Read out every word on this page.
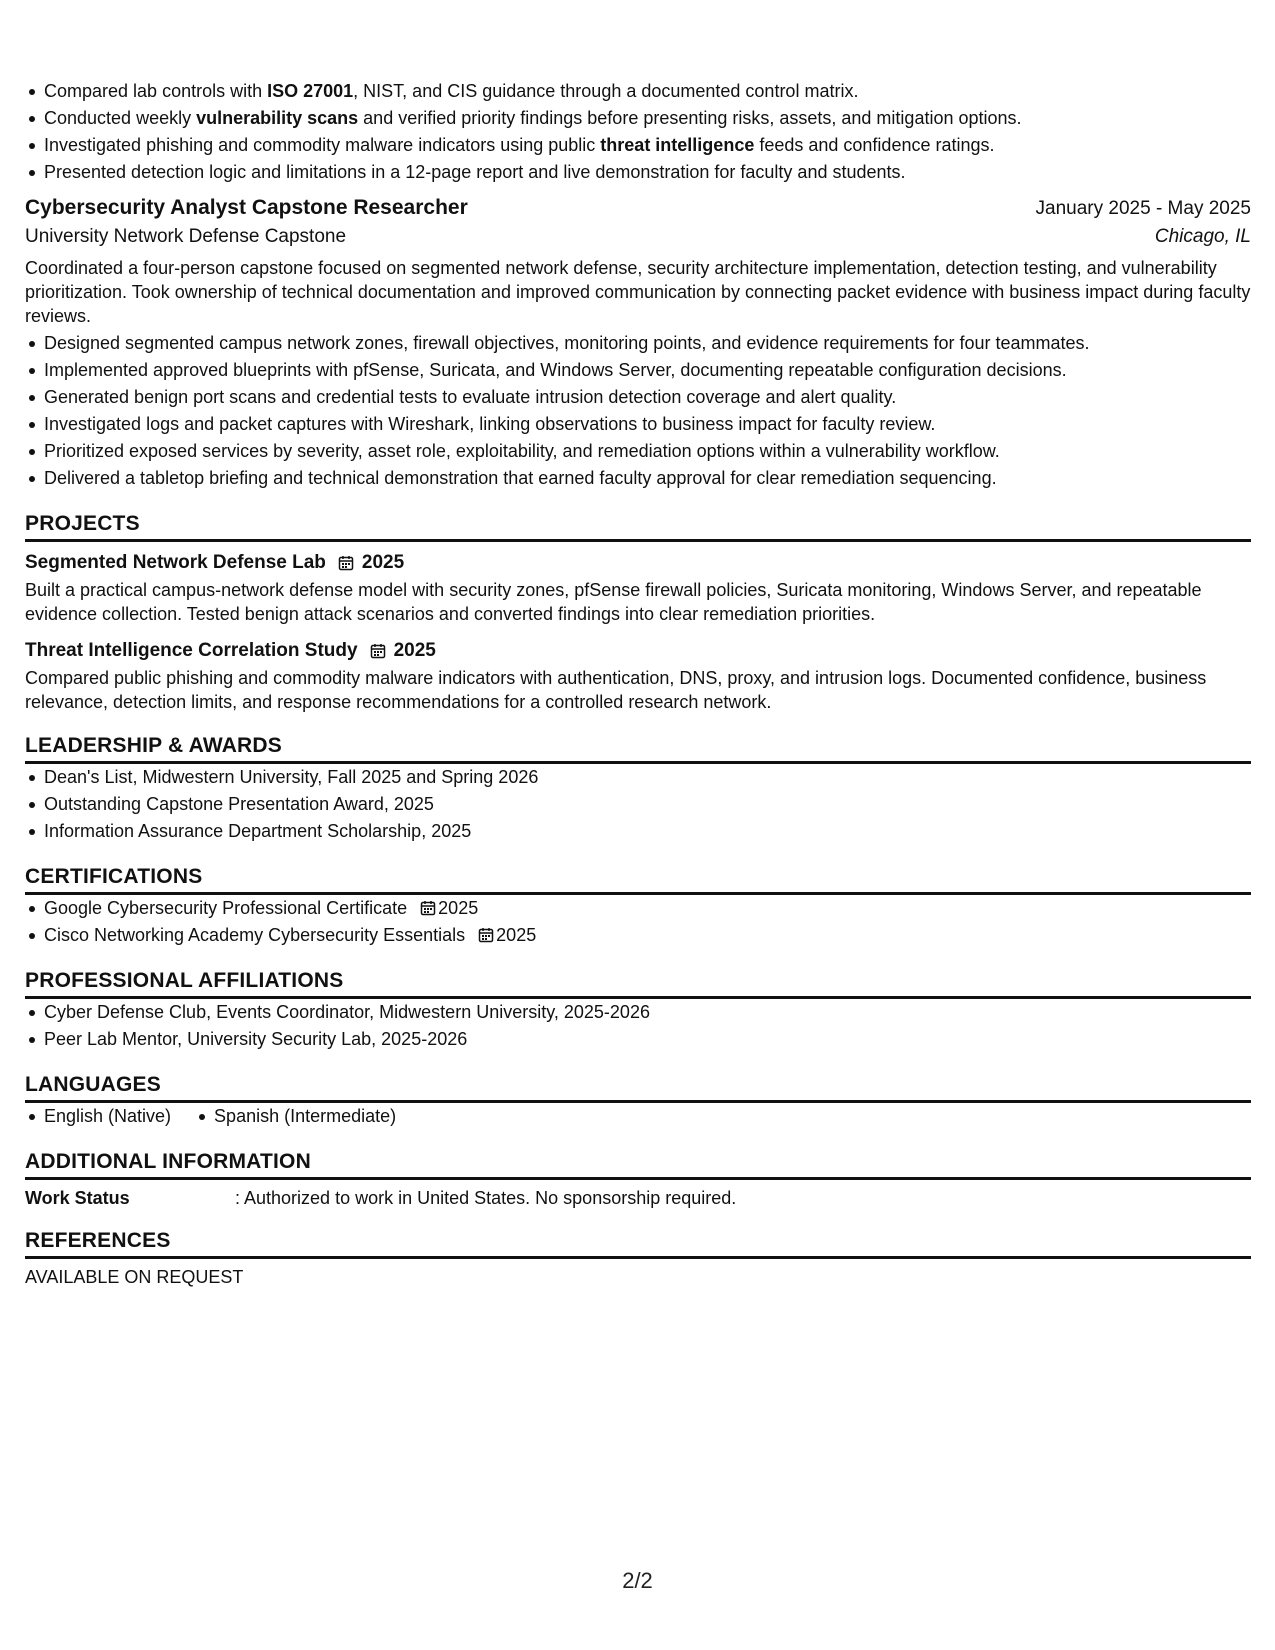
Compared lab controls with ISO 27001, NIST, and CIS guidance through a documented control matrix.
Conducted weekly vulnerability scans and verified priority findings before presenting risks, assets, and mitigation options.
Investigated phishing and commodity malware indicators using public threat intelligence feeds and confidence ratings.
Presented detection logic and limitations in a 12-page report and live demonstration for faculty and students.
Cybersecurity Analyst Capstone Researcher	January 2025 - May 2025
University Network Defense Capstone	Chicago, IL
Coordinated a four-person capstone focused on segmented network defense, security architecture implementation, detection testing, and vulnerability prioritization. Took ownership of technical documentation and improved communication by connecting packet evidence with business impact during faculty reviews.
Designed segmented campus network zones, firewall objectives, monitoring points, and evidence requirements for four teammates.
Implemented approved blueprints with pfSense, Suricata, and Windows Server, documenting repeatable configuration decisions.
Generated benign port scans and credential tests to evaluate intrusion detection coverage and alert quality.
Investigated logs and packet captures with Wireshark, linking observations to business impact for faculty review.
Prioritized exposed services by severity, asset role, exploitability, and remediation options within a vulnerability workflow.
Delivered a tabletop briefing and technical demonstration that earned faculty approval for clear remediation sequencing.
PROJECTS
Segmented Network Defense Lab 2025
Built a practical campus-network defense model with security zones, pfSense firewall policies, Suricata monitoring, Windows Server, and repeatable evidence collection. Tested benign attack scenarios and converted findings into clear remediation priorities.
Threat Intelligence Correlation Study 2025
Compared public phishing and commodity malware indicators with authentication, DNS, proxy, and intrusion logs. Documented confidence, business relevance, detection limits, and response recommendations for a controlled research network.
LEADERSHIP & AWARDS
Dean's List, Midwestern University, Fall 2025 and Spring 2026
Outstanding Capstone Presentation Award, 2025
Information Assurance Department Scholarship, 2025
CERTIFICATIONS
Google Cybersecurity Professional Certificate 2025
Cisco Networking Academy Cybersecurity Essentials 2025
PROFESSIONAL AFFILIATIONS
Cyber Defense Club, Events Coordinator, Midwestern University, 2025-2026
Peer Lab Mentor, University Security Lab, 2025-2026
LANGUAGES
English (Native)	Spanish (Intermediate)
ADDITIONAL INFORMATION
Work Status	: Authorized to work in United States. No sponsorship required.
REFERENCES
AVAILABLE ON REQUEST
2/2
